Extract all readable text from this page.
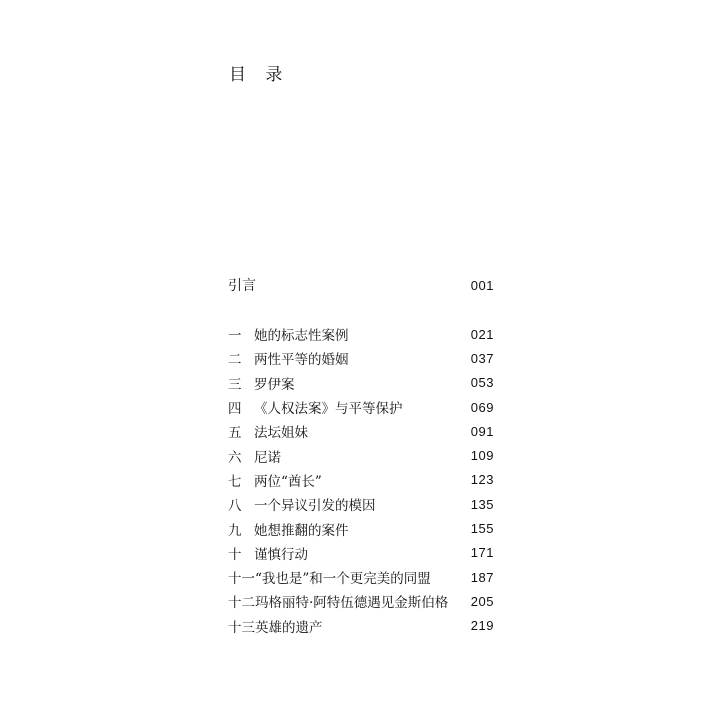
目 录
引言	001
一 她的标志性案例	021
二 两性平等的婚姻	037
三 罗伊案	053
四 《人权法案》与平等保护	069
五 法坛姐妹	091
六 尼诺	109
七 两位“酋长”	123
八 一个异议引发的模因	135
九 她想推翻的案件	155
十 谨慎行动	171
十一 “我也是”和一个更完美的同盟	187
十二 玛格丽特·阿特伍德遇见金斯伯格 205
十三 英雄的遗产	219
